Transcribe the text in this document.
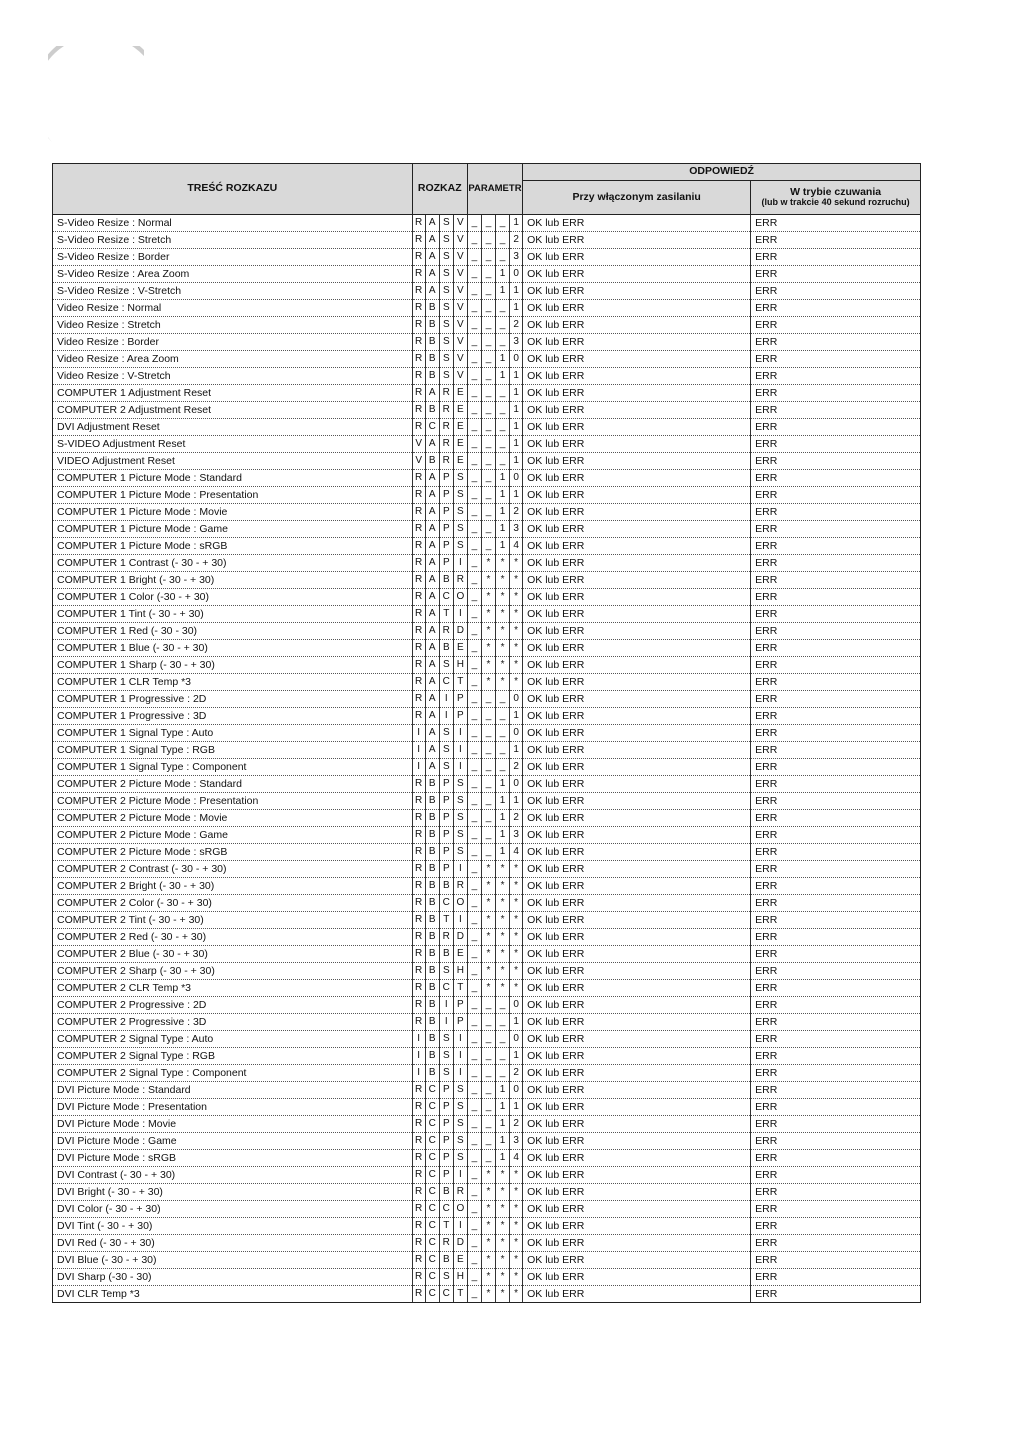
TREŚĆ ROZKAZU	ROZKAZ				PARAMETR				ODPOWIEDŹ	
									Przy włączonym zasilaniu	W trybie czuwania
(lub w trakcie 40 sekund rozruchu)

S-Video Resize : Normal	R	A	S	V	_	_	_	1	OK lub ERR	ERR
S-Video Resize : Stretch	R	A	S	V	_	_	_	2	OK lub ERR	ERR
S-Video Resize : Border	R	A	S	V	_	_	_	3	OK lub ERR	ERR
S-Video Resize : Area Zoom	R	A	S	V	_	_	1	0	OK lub ERR	ERR
S-Video Resize : V-Stretch	R	A	S	V	_	_	1	1	OK lub ERR	ERR
Video Resize : Normal	R	B	S	V	_	_	_	1	OK lub ERR	ERR
Video Resize : Stretch	R	B	S	V	_	_	_	2	OK lub ERR	ERR
Video Resize : Border	R	B	S	V	_	_	_	3	OK lub ERR	ERR
Video Resize : Area Zoom	R	B	S	V	_	_	1	0	OK lub ERR	ERR
Video Resize : V-Stretch	R	B	S	V	_	_	1	1	OK lub ERR	ERR
COMPUTER 1 Adjustment Reset	R	A	R	E	_	_	_	1	OK lub ERR	ERR
COMPUTER 2 Adjustment Reset	R	B	R	E	_	_	_	1	OK lub ERR	ERR
DVI Adjustment Reset	R	C	R	E	_	_	_	1	OK lub ERR	ERR
S-VIDEO Adjustment Reset	V	A	R	E	_	_	_	1	OK lub ERR	ERR
VIDEO Adjustment Reset	V	B	R	E	_	_	_	1	OK lub ERR	ERR
COMPUTER 1 Picture Mode : Standard	R	A	P	S	_	_	1	0	OK lub ERR	ERR
COMPUTER 1 Picture Mode : Presentation	R	A	P	S	_	_	1	1	OK lub ERR	ERR
COMPUTER 1 Picture Mode : Movie	R	A	P	S	_	_	1	2	OK lub ERR	ERR
COMPUTER 1 Picture Mode : Game	R	A	P	S	_	_	1	3	OK lub ERR	ERR
COMPUTER 1 Picture Mode : sRGB	R	A	P	S	_	_	1	4	OK lub ERR	ERR
COMPUTER 1 Contrast (- 30 - + 30)	R	A	P	I	_	*	*	*	OK lub ERR	ERR
COMPUTER 1 Bright (- 30 - + 30)	R	A	B	R	_	*	*	*	OK lub ERR	ERR
COMPUTER 1 Color (-30 - + 30)	R	A	C	O	_	*	*	*	OK lub ERR	ERR
COMPUTER 1 Tint (- 30 - + 30)	R	A	T	I	_	*	*	*	OK lub ERR	ERR
COMPUTER 1 Red (- 30 - 30)	R	A	R	D	_	*	*	*	OK lub ERR	ERR
COMPUTER 1 Blue (- 30 - + 30)	R	A	B	E	_	*	*	*	OK lub ERR	ERR
COMPUTER 1 Sharp (- 30 - + 30)	R	A	S	H	_	*	*	*	OK lub ERR	ERR
COMPUTER 1 CLR Temp *3	R	A	C	T	_	*	*	*	OK lub ERR	ERR
COMPUTER 1 Progressive : 2D	R	A	I	P	_	_	_	0	OK lub ERR	ERR
COMPUTER 1 Progressive : 3D	R	A	I	P	_	_	_	1	OK lub ERR	ERR
COMPUTER 1 Signal Type : Auto	I	A	S	I	_	_	_	0	OK lub ERR	ERR
COMPUTER 1 Signal Type : RGB	I	A	S	I	_	_	_	1	OK lub ERR	ERR
COMPUTER 1 Signal Type : Component	I	A	S	I	_	_	_	2	OK lub ERR	ERR
COMPUTER 2 Picture Mode : Standard	R	B	P	S	_	_	1	0	OK lub ERR	ERR
COMPUTER 2 Picture Mode : Presentation	R	B	P	S	_	_	1	1	OK lub ERR	ERR
COMPUTER 2 Picture Mode : Movie	R	B	P	S	_	_	1	2	OK lub ERR	ERR
COMPUTER 2 Picture Mode : Game	R	B	P	S	_	_	1	3	OK lub ERR	ERR
COMPUTER 2 Picture Mode : sRGB	R	B	P	S	_	_	1	4	OK lub ERR	ERR
COMPUTER 2 Contrast (- 30 - + 30)	R	B	P	I	_	*	*	*	OK lub ERR	ERR
COMPUTER 2 Bright (- 30 - + 30)	R	B	B	R	_	*	*	*	OK lub ERR	ERR
COMPUTER 2 Color (- 30 - + 30)	R	B	C	O	_	*	*	*	OK lub ERR	ERR
COMPUTER 2 Tint (- 30 - + 30)	R	B	T	I	_	*	*	*	OK lub ERR	ERR
COMPUTER 2 Red (- 30 - + 30)	R	B	R	D	_	*	*	*	OK lub ERR	ERR
COMPUTER 2 Blue (- 30 - + 30)	R	B	B	E	_	*	*	*	OK lub ERR	ERR
COMPUTER 2 Sharp (- 30 - + 30)	R	B	S	H	_	*	*	*	OK lub ERR	ERR
COMPUTER 2 CLR Temp *3	R	B	C	T	_	*	*	*	OK lub ERR	ERR
COMPUTER 2 Progressive : 2D	R	B	I	P	_	_	_	0	OK lub ERR	ERR
COMPUTER 2 Progressive : 3D	R	B	I	P	_	_	_	1	OK lub ERR	ERR
COMPUTER 2 Signal Type : Auto	I	B	S	I	_	_	_	0	OK lub ERR	ERR
COMPUTER 2 Signal Type : RGB	I	B	S	I	_	_	_	1	OK lub ERR	ERR
COMPUTER 2 Signal Type : Component	I	B	S	I	_	_	_	2	OK lub ERR	ERR
DVI Picture Mode : Standard	R	C	P	S	_	_	1	0	OK lub ERR	ERR
DVI Picture Mode : Presentation	R	C	P	S	_	_	1	1	OK lub ERR	ERR
DVI Picture Mode : Movie	R	C	P	S	_	_	1	2	OK lub ERR	ERR
DVI Picture Mode : Game	R	C	P	S	_	_	1	3	OK lub ERR	ERR
DVI Picture Mode : sRGB	R	C	P	S	_	_	1	4	OK lub ERR	ERR
DVI Contrast (- 30 - + 30)	R	C	P	I	_	*	*	*	OK lub ERR	ERR
DVI Bright (- 30 - + 30)	R	C	B	R	_	*	*	*	OK lub ERR	ERR
DVI Color (- 30 - + 30)	R	C	C	O	_	*	*	*	OK lub ERR	ERR
DVI Tint (- 30 - + 30)	R	C	T	I	_	*	*	*	OK lub ERR	ERR
DVI Red (- 30 - + 30)	R	C	R	D	_	*	*	*	OK lub ERR	ERR
DVI Blue (- 30 - + 30)	R	C	B	E	_	*	*	*	OK lub ERR	ERR
DVI Sharp (-30 - 30)	R	C	S	H	_	*	*	*	OK lub ERR	ERR
DVI CLR Temp *3	R	C	C	T	_	*	*	*	OK lub ERR	ERR
